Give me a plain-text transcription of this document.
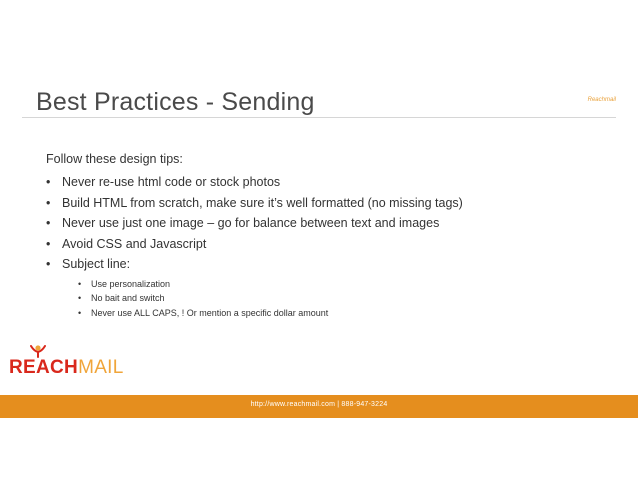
Best Practices - Sending	Reachmail

Follow these design tips:

• Never re-use html code or stock photos
• Build HTML from scratch, make sure it’s well formatted (no missing tags)
• Never use just one image – go for balance between text and images
• Avoid CSS and Javascript
• Subject line:
• Use personalization
• No bait and switch
• Never use ALL CAPS, ! Or mention a specific dollar amount
REACHMAIL
http://www.reachmail.com | 888-947-3224
